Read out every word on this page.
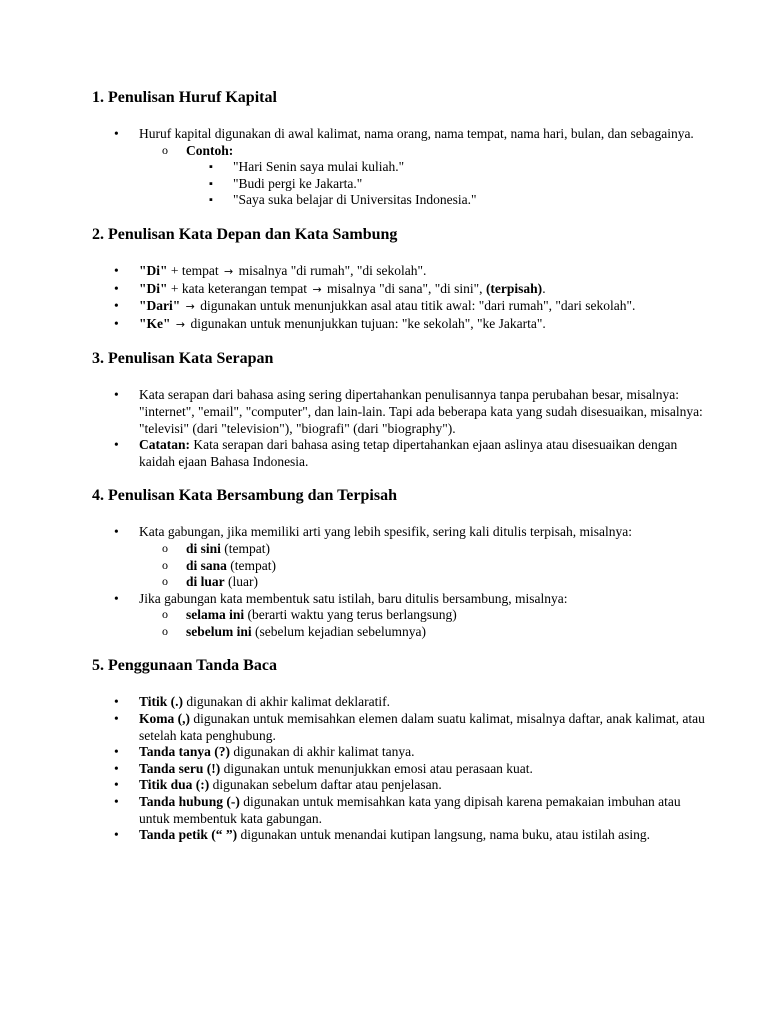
1. Penulisan Huruf Kapital
• Huruf kapital digunakan di awal kalimat, nama orang, nama tempat, nama hari, bulan, dan sebagainya.
o Contoh:
▪ "Hari Senin saya mulai kuliah."
▪ "Budi pergi ke Jakarta."
▪ "Saya suka belajar di Universitas Indonesia."
2. Penulisan Kata Depan dan Kata Sambung
• "Di" + tempat → misalnya "di rumah", "di sekolah".
• "Di" + kata keterangan tempat → misalnya "di sana", "di sini", (terpisah).
• "Dari" → digunakan untuk menunjukkan asal atau titik awal: "dari rumah", "dari sekolah".
• "Ke" → digunakan untuk menunjukkan tujuan: "ke sekolah", "ke Jakarta".
3. Penulisan Kata Serapan
• Kata serapan dari bahasa asing sering dipertahankan penulisannya tanpa perubahan besar, misalnya: "internet", "email", "computer", dan lain-lain. Tapi ada beberapa kata yang sudah disesuaikan, misalnya: "televisi" (dari "television"), "biografi" (dari "biography").
• Catatan: Kata serapan dari bahasa asing tetap dipertahankan ejaan aslinya atau disesuaikan dengan kaidah ejaan Bahasa Indonesia.
4. Penulisan Kata Bersambung dan Terpisah
• Kata gabungan, jika memiliki arti yang lebih spesifik, sering kali ditulis terpisah, misalnya:
o di sini (tempat)
o di sana (tempat)
o di luar (luar)
• Jika gabungan kata membentuk satu istilah, baru ditulis bersambung, misalnya:
o selama ini (berarti waktu yang terus berlangsung)
o sebelum ini (sebelum kejadian sebelumnya)
5. Penggunaan Tanda Baca
• Titik (.) digunakan di akhir kalimat deklaratif.
• Koma (,) digunakan untuk memisahkan elemen dalam suatu kalimat, misalnya daftar, anak kalimat, atau setelah kata penghubung.
• Tanda tanya (?) digunakan di akhir kalimat tanya.
• Tanda seru (!) digunakan untuk menunjukkan emosi atau perasaan kuat.
• Titik dua (:) digunakan sebelum daftar atau penjelasan.
• Tanda hubung (-) digunakan untuk memisahkan kata yang dipisah karena pemakaian imbuhan atau untuk membentuk kata gabungan.
• Tanda petik (“ ”) digunakan untuk menandai kutipan langsung, nama buku, atau istilah asing.
